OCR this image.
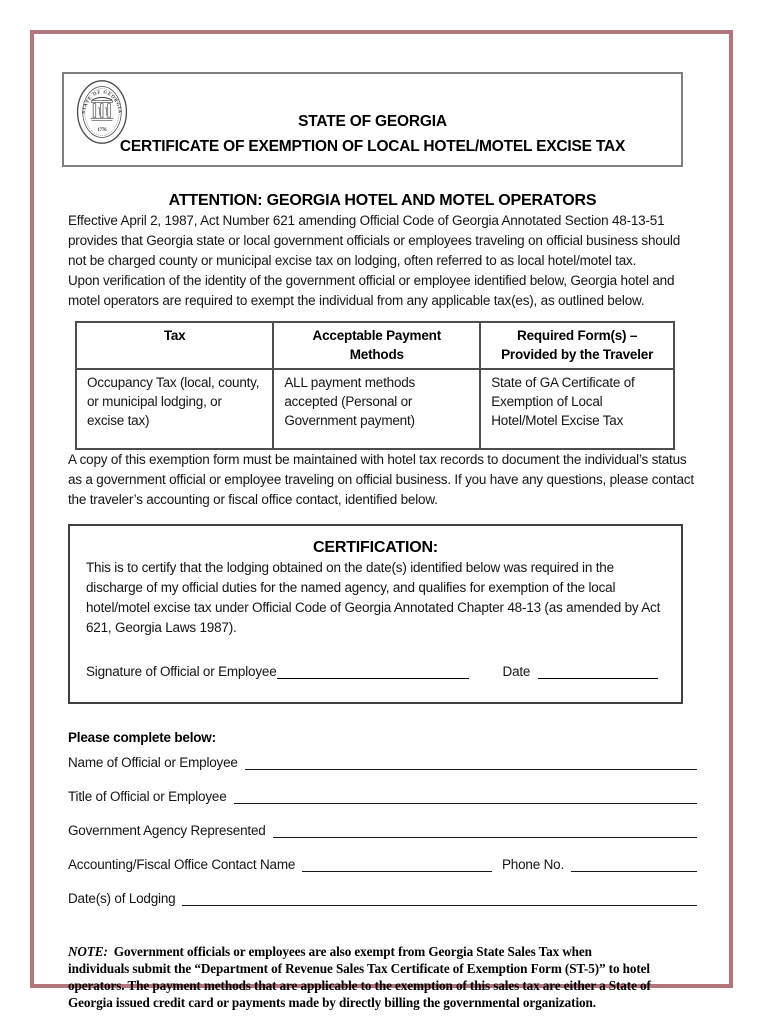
STATE OF GEORGIA
1776
STATE OF GEORGIA
CERTIFICATE OF EXEMPTION OF LOCAL HOTEL/MOTEL EXCISE TAX
ATTENTION: GEORGIA HOTEL AND MOTEL OPERATORS

Effective April 2, 1987, Act Number 621 amending Official Code of Georgia Annotated Section 48-13-51 provides that Georgia state or local government officials or employees traveling on official business should not be charged county or municipal excise tax on lodging, often referred to as local hotel/motel tax.

Upon verification of the identity of the government official or employee identified below, Georgia hotel and motel operators are required to exempt the individual from any applicable tax(es), as outlined below.

Tax	Acceptable Payment Methods	Required Form(s) – Provided by the Traveler
Occupancy Tax (local, county, or municipal lodging, or excise tax)	ALL payment methods accepted (Personal or Government payment)	State of GA Certificate of Exemption of Local Hotel/Motel Excise Tax

A copy of this exemption form must be maintained with hotel tax records to document the individual’s status as a government official or employee traveling on official business. If you have any questions, please contact the traveler’s accounting or fiscal office contact, identified below.

CERTIFICATION:

This is to certify that the lodging obtained on the date(s) identified below was required in the discharge of my official duties for the named agency, and qualifies for exemption of the local hotel/motel excise tax under Official Code of Georgia Annotated Chapter 48-13 (as amended by Act 621, Georgia Laws 1987).

Signature of Official or Employee	Date
Please complete below:
Name of Official or Employee
Title of Official or Employee
Government Agency Represented
Accounting/Fiscal Office Contact Name	Phone No.
Date(s) of Lodging

NOTE: Government officials or employees are also exempt from Georgia State Sales Tax when individuals submit the “Department of Revenue Sales Tax Certificate of Exemption Form (ST-5)” to hotel operators. The payment methods that are applicable to the exemption of this sales tax are either a State of Georgia issued credit card or payments made by directly billing the governmental organization.
